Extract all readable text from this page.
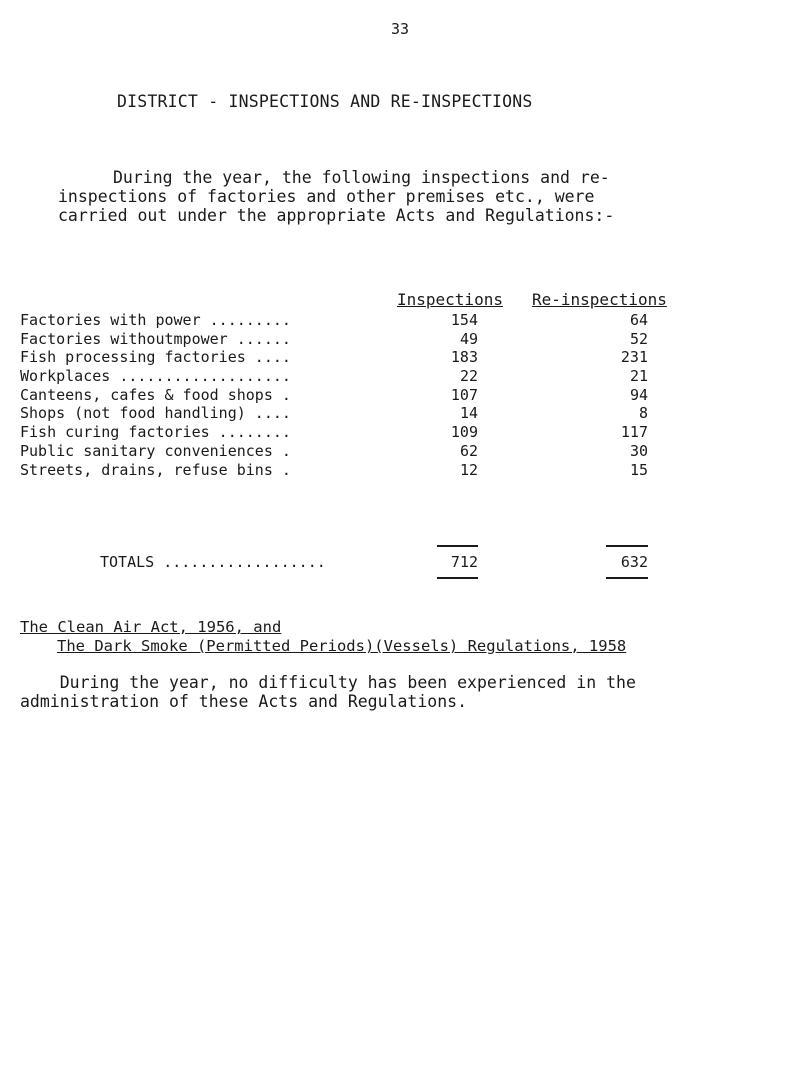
33
DISTRICT - INSPECTIONS AND RE-INSPECTIONS

During the year, the following inspections and re-

inspections of factories and other premises etc., were

carried out under the appropriate Acts and Regulations:-

Inspections Re-inspections
Factories with power .........	154	64
Factories withoutmpower ......	49	52
Fish processing factories ....	183	231
Workplaces ...................	22	21
Canteens, cafes & food shops .	107	94
Shops (not food handling) ....	14	8
Fish curing factories ........	109	117
Public sanitary conveniences .	62	30
Streets, drains, refuse bins .	12	15
TOTALS ..................	712	632
The Clean Air Act, 1956, and
The Dark Smoke (Permitted Periods)(Vessels) Regulations, 1958

During the year, no difficulty has been experienced in the

administration of these Acts and Regulations.
